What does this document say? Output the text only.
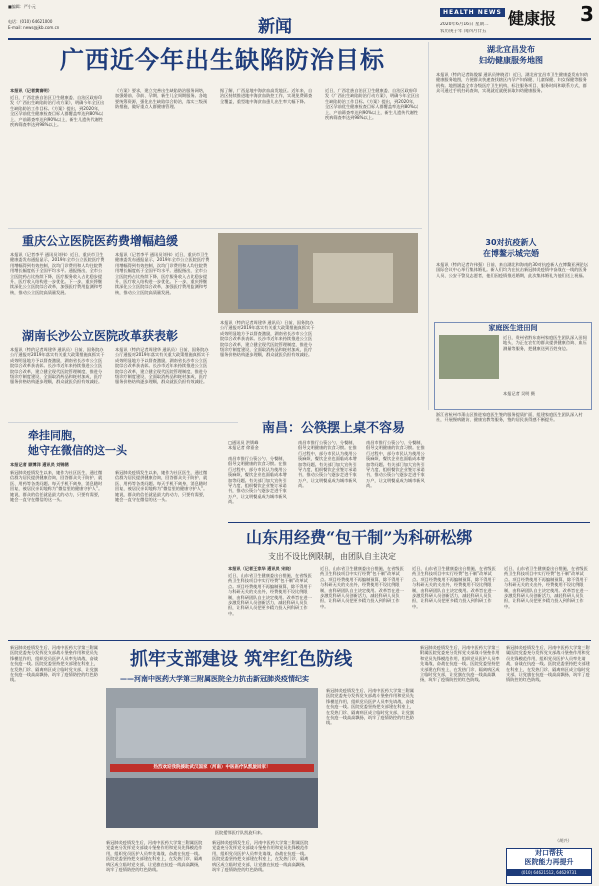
■编辑：严小元
电话：(010) 64621000
E-mail: news@jkb.com.cn	新闻
HEALTH NEWS 健康报 3
2020年6月16日 星期二
农历庚子年 闰四月廿五
广西近今年出生缺陷防治目标
本报讯（记者黄裔明）
近日，广西壮族自治区卫生健康委、自治区政府印发《广西出生缺陷防治行动方案》，明确今年全区出生缺陷防治工作目标。《方案》提出，到2020年，全区孕前优生健康检查目标人群覆盖率达到80%以上，产前筛查率达到90%以上，新生儿遗传代谢性疾病筛查率达到98%以上。
《方案》要求，建立完善出生缺陷防治服务网络，加强婚前、孕前、孕期、新生儿全周期服务。各地要统筹资源，强化出生缺陷综合防治，落实三级预防措施，做好重点人群健康管理。
据了解，广西是地中海贫血高发地区。近年来，自治区持续推进地中海贫血防控工作，实现免费筛查全覆盖，重型地中海贫血患儿出生率大幅下降。
近日，广西壮族自治区卫生健康委、自治区政府印发《广西出生缺陷防治行动方案》，明确今年全区出生缺陷防治工作目标。《方案》提出，到2020年，全区孕前优生健康检查目标人群覆盖率达到80%以上，产前筛查率达到90%以上，新生儿遗传代谢性疾病筛查率达到98%以上。
湖北宜昌发布
妇幼健康服务地图
本报讯（特约记者陈俊霖 通讯员钟晓君）近日，湖北省宜昌市卫生健康委发布妇幼健康服务地图，方便群众快速查找辖区内孕产妇保健、儿童保健、妇女保健等服务机构。地图涵盖全市各级医疗卫生机构，标注服务项目、服务时间和联系方式，群众可通过手机扫码查询，实现就近就便获取妇幼健康服务。
30对抗疫新人
在博鳌示城完婚
本报讯（特约记者许伟强）日前，来自湖北和海南的30对抗疫新人在博鳌亚洲论坛国际会议中心举行集体婚礼。新人们均为在抗击新冠肺炎疫情中奋战在一线的医务人员、公安干警及志愿者，他们因疫情推迟婚期，此次集体婚礼为他们送上祝福。
家庭医生进田间
近日，贵州省黔东南州家庭医生团队深入田间地头，为正在农忙的群众提供健康咨询、血压测量等服务，把健康送到百姓身边。
本报记者 吴明 摄
浙江省杭州市萧山区推进家庭医生签约服务提质扩面，组建家庭医生团队深入村社，开展慢病随访、健康宣教等服务，签约居民获得感不断提升。
重庆公立医院医药费增幅趋缓
本报讯（记者李平 通讯员刘伟）近日，重庆市卫生健康委发布通报显示，2019年全市公立医院医疗费用增幅得到有效控制，次均门诊费用和人均住院费用增长幅度低于全国平均水平。通报指出，全市公立医院药占比持续下降，医疗服务收入占比稳步提升，医疗收入结构进一步优化。下一步，重庆将继续深化公立医院综合改革，加强医疗费用监测和考核，推动公立医院高质量发展。
本报讯（记者李平 通讯员刘伟）近日，重庆市卫生健康委发布通报显示，2019年全市公立医院医疗费用增幅得到有效控制，次均门诊费用和人均住院费用增长幅度低于全国平均水平。通报指出，全市公立医院药占比持续下降，医疗服务收入占比稳步提升，医疗收入结构进一步优化。下一步，重庆将继续深化公立医院综合改革，加强医疗费用监测和考核，推动公立医院高质量发展。
湖南长沙公立医院改革获表彰
本报讯（特约记者周建华 通讯员）日前，国务院办公厅通报对2019年落实有关重大政策措施真抓实干成效明显地方予以督查激励，湖南省长沙市公立医院综合改革获表彰。长沙市近年来持续推进公立医院综合改革，建立健全现代医院管理制度，推进分级诊疗制度建设，全面取消药品和耗材加成，医疗服务价格结构逐步理顺，群众就医负担有效减轻。
本报讯（特约记者周建华 通讯员）日前，国务院办公厅通报对2019年落实有关重大政策措施真抓实干成效明显地方予以督查激励，湖南省长沙市公立医院综合改革获表彰。长沙市近年来持续推进公立医院综合改革，建立健全现代医院管理制度，推进分级诊疗制度建设，全面取消药品和耗材加成，医疗服务价格结构逐步理顺，群众就医负担有效减轻。
本报讯（特约记者周建华 通讯员）日前，国务院办公厅通报对2019年落实有关重大政策措施真抓实干成效明显地方予以督查激励，湖南省长沙市公立医院综合改革获表彰。长沙市近年来持续推进公立医院综合改革，建立健全现代医院管理制度，推进分级诊疗制度建设，全面取消药品和耗材加成，医疗服务价格结构逐步理顺，群众就医负担有效减轻。
牵挂同胞，
她守在微信的这一头
本报记者 顾博洋 通讯员 刘锦锈
新冠肺炎疫情发生以来，她作为社区医生，通过微信群为居民提供健康咨询，回答群众关于防护、就医、用药等各类问题。每天手机不离身，消息随时回复，被居民亲切地称为“微信里的健康守护人”。她说，群众的信任就是最大的动力，只要有需要，她会一直守在微信的这一头。
新冠肺炎疫情发生以来，她作为社区医生，通过微信群为居民提供健康咨询，回答群众关于防护、就医、用药等各类问题。每天手机不离身，消息随时回复，被居民亲切地称为“微信里的健康守护人”。她说，群众的信任就是最大的动力，只要有需要，她会一直守在微信的这一头。
南昌：公筷摆上桌不容易
□通讯员 洪钏峰
本报记者 徐嘉金
南昌市推行公筷公勺、分餐制，倡导文明健康的饮食习惯。在推行过程中，部分市民认为使用公筷麻烦，餐饮企业也面临成本增加等问题。有关部门加大宣传引导力度，组织餐饮企业签订承诺书，推动公筷公勺逐步走进千家万户，让文明餐桌成为城市新风尚。
南昌市推行公筷公勺、分餐制，倡导文明健康的饮食习惯。在推行过程中，部分市民认为使用公筷麻烦，餐饮企业也面临成本增加等问题。有关部门加大宣传引导力度，组织餐饮企业签订承诺书，推动公筷公勺逐步走进千家万户，让文明餐桌成为城市新风尚。
南昌市推行公筷公勺、分餐制，倡导文明健康的饮食习惯。在推行过程中，部分市民认为使用公筷麻烦，餐饮企业也面临成本增加等问题。有关部门加大宣传引导力度，组织餐饮企业签订承诺书，推动公筷公勺逐步走进千家万户，让文明餐桌成为城市新风尚。
山东用经费“包干制”为科研松绑
支出不设比例限制，由团队自主决定
本报讯（记者王家华 通讯员 宋晓）
近日，山东省卫生健康委出台措施，在省级医药卫生科技项目中实行经费“包干制”改革试点。项目经费使用不再编制预算，除不得用于与科研无关的支出外，经费使用不设比例限制，由科研团队自主决定使用。改革旨在进一步激发科研人员创新活力，减轻科研人员负担，让科研人员把更多精力投入到科研工作中。
近日，山东省卫生健康委出台措施，在省级医药卫生科技项目中实行经费“包干制”改革试点。项目经费使用不再编制预算，除不得用于与科研无关的支出外，经费使用不设比例限制，由科研团队自主决定使用。改革旨在进一步激发科研人员创新活力，减轻科研人员负担，让科研人员把更多精力投入到科研工作中。
近日，山东省卫生健康委出台措施，在省级医药卫生科技项目中实行经费“包干制”改革试点。项目经费使用不再编制预算，除不得用于与科研无关的支出外，经费使用不设比例限制，由科研团队自主决定使用。改革旨在进一步激发科研人员创新活力，减轻科研人员负担，让科研人员把更多精力投入到科研工作中。
近日，山东省卫生健康委出台措施，在省级医药卫生科技项目中实行经费“包干制”改革试点。项目经费使用不再编制预算，除不得用于与科研无关的支出外，经费使用不设比例限制，由科研团队自主决定使用。改革旨在进一步激发科研人员创新活力，减轻科研人员负担，让科研人员把更多精力投入到科研工作中。
新冠肺炎疫情发生后，河南中医药大学第三附属医院党委充分发挥党支部战斗堡垒作用和党员先锋模范作用，组织党员医护人员率先请战，奋战在抗疫一线。医院党委坚持把支部建在科室上，在发热门诊、隔离病区成立临时党支部，让党旗在抗疫一线高高飘扬，筑牢了疫情防控的红色防线。
抓牢支部建设 筑牢红色防线
——河南中医药大学第三附属医院全力抗击新冠肺炎疫情纪实
热烈欢迎我院援助武汉国家（河南）中医医疗队凯旋回家！
医院援鄂医疗队凯旋归来。
新冠肺炎疫情发生后，河南中医药大学第三附属医院党委充分发挥党支部战斗堡垒作用和党员先锋模范作用，组织党员医护人员率先请战，奋战在抗疫一线。医院党委坚持把支部建在科室上，在发热门诊、隔离病区成立临时党支部，让党旗在抗疫一线高高飘扬，筑牢了疫情防控的红色防线。
新冠肺炎疫情发生后，河南中医药大学第三附属医院党委充分发挥党支部战斗堡垒作用和党员先锋模范作用，组织党员医护人员率先请战，奋战在抗疫一线。医院党委坚持把支部建在科室上，在发热门诊、隔离病区成立临时党支部，让党旗在抗疫一线高高飘扬，筑牢了疫情防控的红色防线。
新冠肺炎疫情发生后，河南中医药大学第三附属医院党委充分发挥党支部战斗堡垒作用和党员先锋模范作用，组织党员医护人员率先请战，奋战在抗疫一线。医院党委坚持把支部建在科室上，在发热门诊、隔离病区成立临时党支部，让党旗在抗疫一线高高飘扬，筑牢了疫情防控的红色防线。
新冠肺炎疫情发生后，河南中医药大学第三附属医院党委充分发挥党支部战斗堡垒作用和党员先锋模范作用，组织党员医护人员率先请战，奋战在抗疫一线。医院党委坚持把支部建在科室上，在发热门诊、隔离病区成立临时党支部，让党旗在抗疫一线高高飘扬，筑牢了疫情防控的红色防线。
新冠肺炎疫情发生后，河南中医药大学第三附属医院党委充分发挥党支部战斗堡垒作用和党员先锋模范作用，组织党员医护人员率先请战，奋战在抗疫一线。医院党委坚持把支部建在科室上，在发热门诊、隔离病区成立临时党支部，让党旗在抗疫一线高高飘扬，筑牢了疫情防控的红色防线。
（胡兴）
对口帮扶
医院能力再提升
(010) 64621512, 64629731
